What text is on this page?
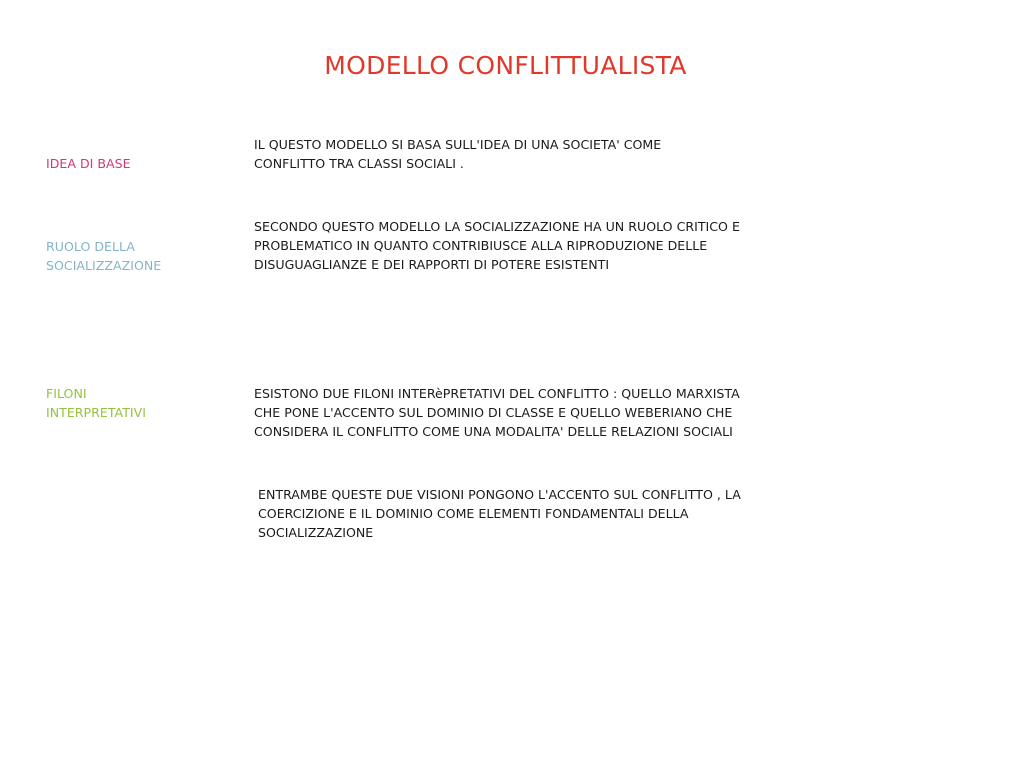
MODELLO CONFLITTUALISTA
IDEA DI BASE
IL QUESTO MODELLO SI BASA SULL'IDEA DI UNA SOCIETA' COME
CONFLITTO TRA CLASSI SOCIALI .
RUOLO DELLA
SOCIALIZZAZIONE
SECONDO QUESTO MODELLO LA SOCIALIZZAZIONE HA UN RUOLO CRITICO E
PROBLEMATICO IN QUANTO CONTRIBIUSCE ALLA RIPRODUZIONE DELLE
DISUGUAGLIANZE E DEI RAPPORTI DI POTERE ESISTENTI
FILONI
INTERPRETATIVI
ESISTONO DUE FILONI INTERèPRETATIVI DEL CONFLITTO : QUELLO MARXISTA
CHE PONE L'ACCENTO SUL DOMINIO DI CLASSE E QUELLO WEBERIANO CHE
CONSIDERA IL CONFLITTO COME UNA MODALITA' DELLE RELAZIONI SOCIALI
ENTRAMBE QUESTE DUE VISIONI PONGONO L'ACCENTO SUL CONFLITTO , LA
COERCIZIONE E IL DOMINIO COME ELEMENTI FONDAMENTALI DELLA
SOCIALIZZAZIONE
